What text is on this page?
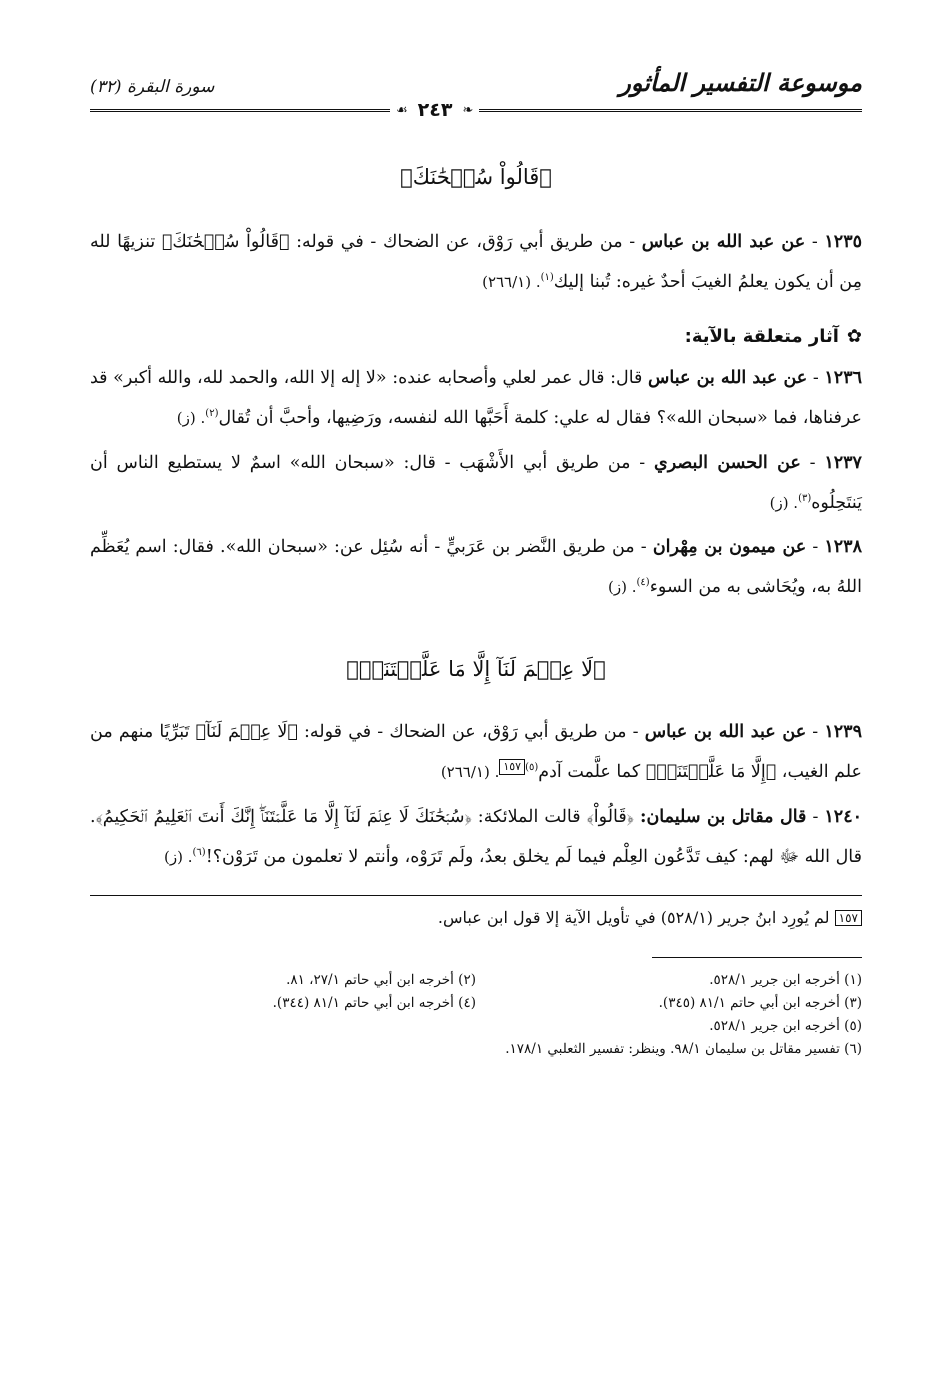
موسوعة التفسير المأثور
سورة البقرة (٣٢)
❧
٢٤٣
☙
﴿قَالُواْ سُبۡحَٰنَكَ﴾

١٢٣٥ - عن عبد الله بن عباس - من طريق أبي رَوْق، عن الضحاك - في قوله: ﴿قَالُواْ سُبۡحَٰنَكَ﴾ تنزيهًا لله مِن أن يكون يعلمُ الغيبَ أحدٌ غيره: تُبنا إليك$^{(١)}$. (٢٦٦/١)

✿آثار متعلقة بالآية:

١٢٣٦ - عن عبد الله بن عباس قال: قال عمر لعلي وأصحابه عنده: «لا إله إلا الله، والحمد لله، والله أكبر» قد عرفناها، فما «سبحان الله»؟ فقال له علي: كلمة أَحَبَّها الله لنفسه، ورَضِيها، وأحبَّ أن تُقال$^{(٢)}$. (ز)

١٢٣٧ - عن الحسن البصري - من طريق أبي الأَشْهَب - قال: «سبحان الله» اسمٌ لا يستطيع الناس أن يَنتَحِلُوه$^{(٣)}$. (ز)

١٢٣٨ - عن ميمون بن مِهْران - من طريق النَّضر بن عَرَبيٍّ - أنه سُئِل عن: «سبحان الله». فقال: اسم يُعَظِّم اللهُ به، ويُحَاشى به من السوء$^{(٤)}$. (ز)

﴿لَا عِلۡمَ لَنَآ إِلَّا مَا عَلَّمۡتَنَآۖ﴾

١٢٣٩ - عن عبد الله بن عباس - من طريق أبي رَوْق، عن الضحاك - في قوله: ﴿لَا عِلۡمَ لَنَآ﴾ تَبَرِّيًا منهم من علم الغيب، ﴿إِلَّا مَا عَلَّمۡتَنَآۖ﴾ كما علَّمت آدم$^{(٥)}$١٥٧. (٢٦٦/١)

١٢٤٠ - قال مقاتل بن سليمان: ﴿قَالُواْ﴾ قالت الملائكة: ﴿سُبۡحَٰنَكَ لَا عِلۡمَ لَنَآ إِلَّا مَا عَلَّمۡتَنَآۖ إِنَّكَ أَنتَ ٱلۡعَلِيمُ ٱلۡحَكِيمُ﴾. قال الله ﷻ لهم: كيف تَدَّعُون العِلْم فيما لَم يخلق بعدُ، ولَم تَرَوْه، وأنتم لا تعلمون من تَرَوْن؟!$^{(٦)}$. (ز)

١٥٧ لم يُورِد ابنُ جرير (٥٢٨/١) في تأويل الآية إلا قول ابن عباس.
(١) أخرجه ابن جرير ٥٢٨/١.
(٢) أخرجه ابن أبي حاتم ٢٧/١، ٨١.
(٣) أخرجه ابن أبي حاتم ٨١/١ (٣٤٥).
(٤) أخرجه ابن أبي حاتم ٨١/١ (٣٤٤).
(٥) أخرجه ابن جرير ٥٢٨/١.
(٦) تفسير مقاتل بن سليمان ٩٨/١. وينظر: تفسير الثعلبي ١٧٨/١.
